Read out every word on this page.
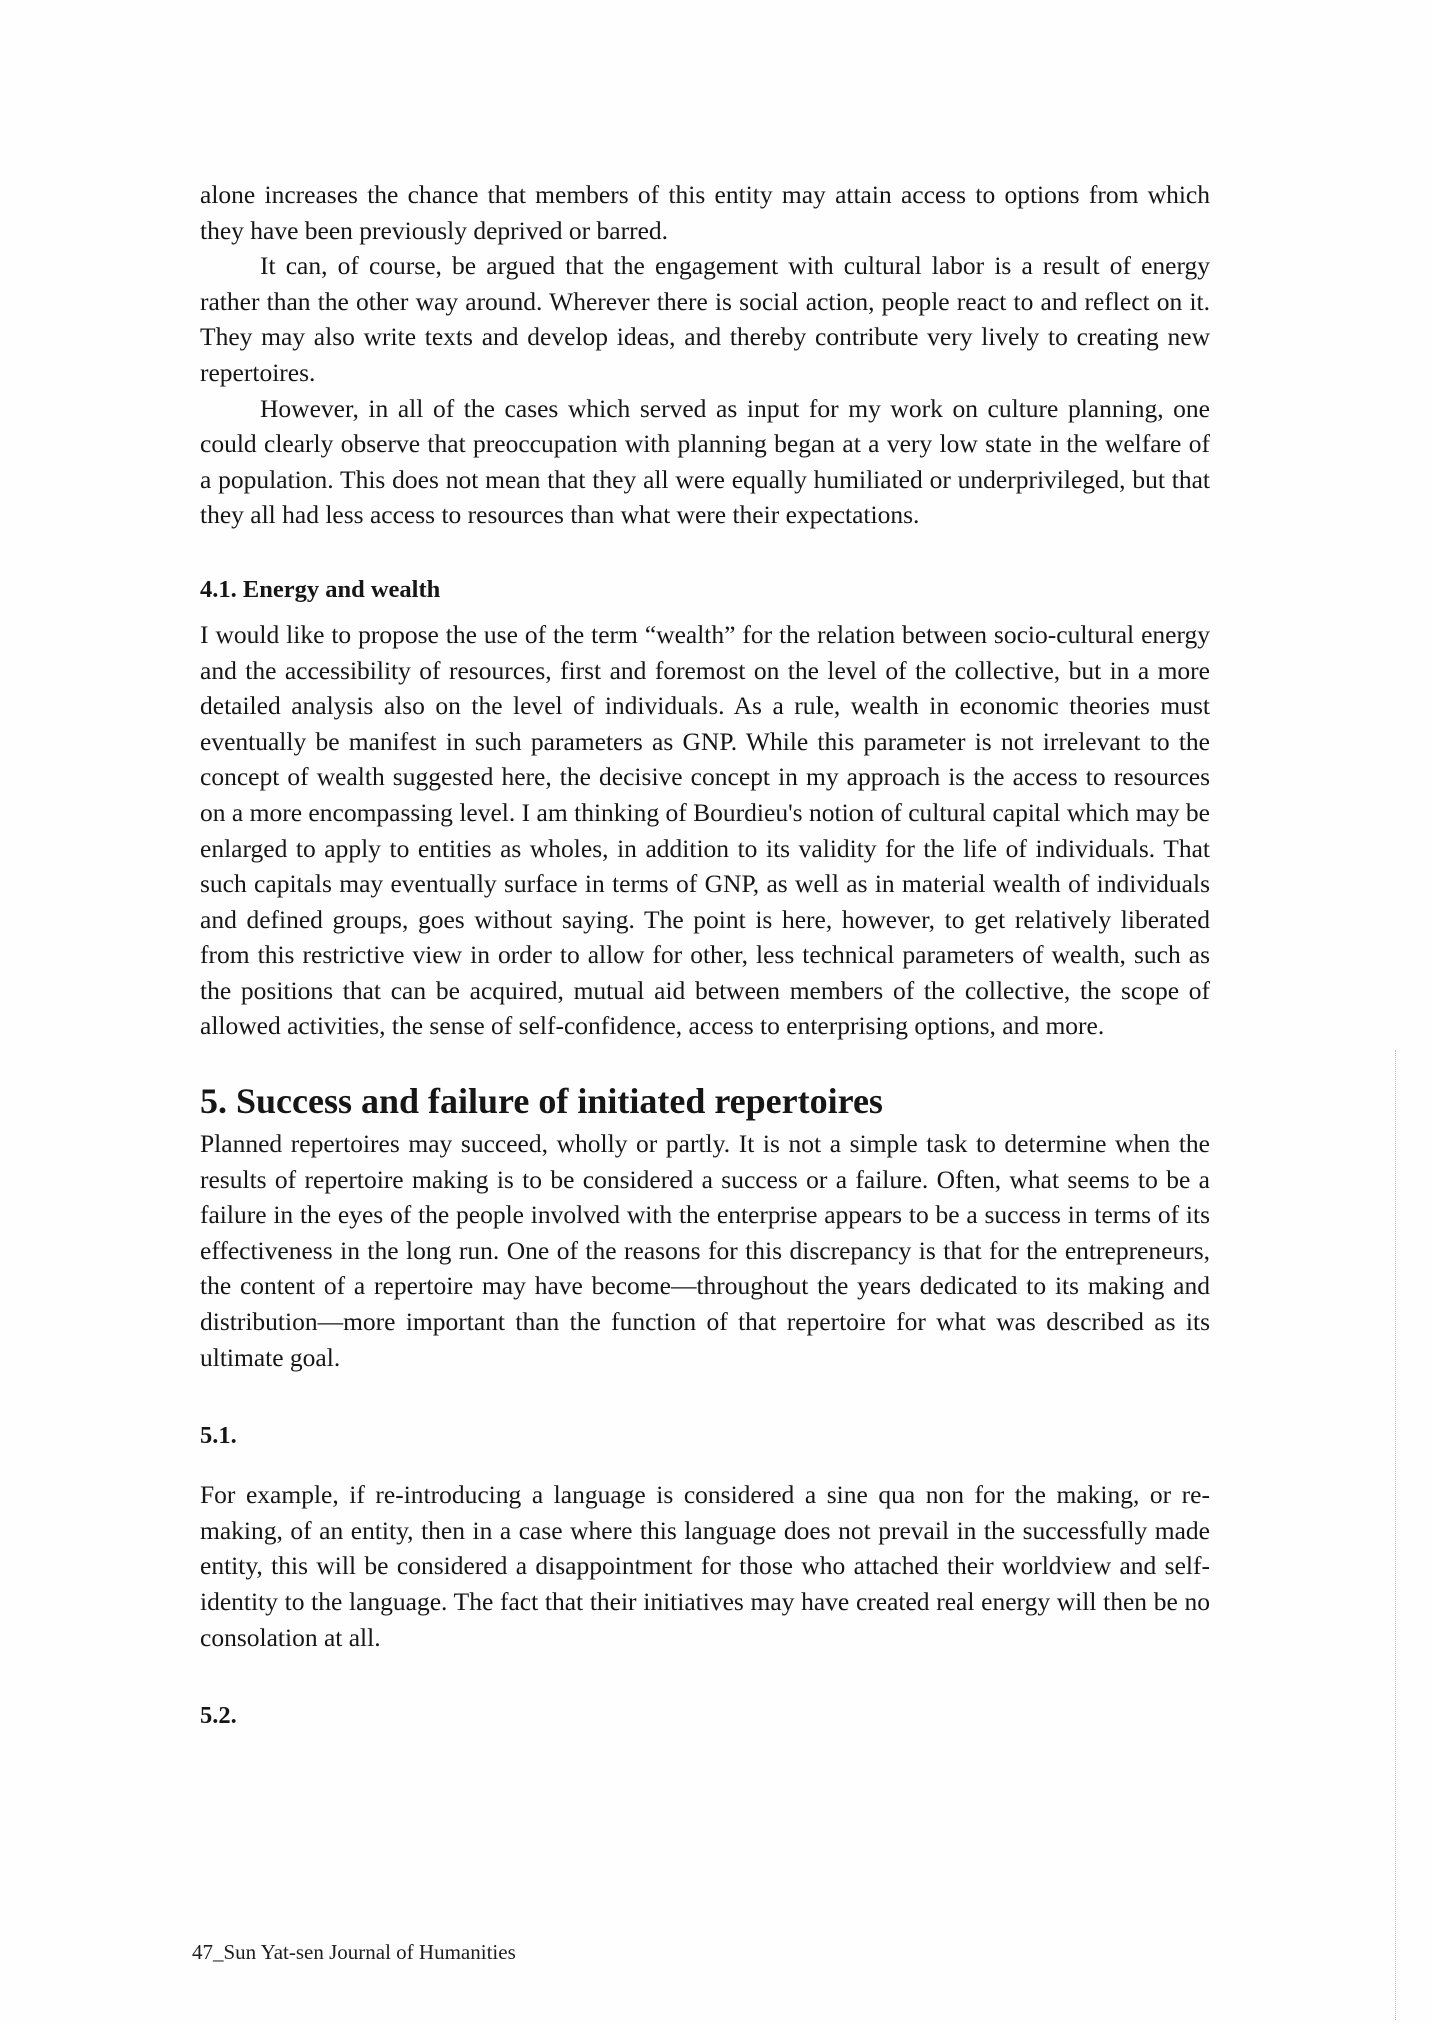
alone increases the chance that members of this entity may attain access to options from which they have been previously deprived or barred.

It can, of course, be argued that the engagement with cultural labor is a result of energy rather than the other way around. Wherever there is social action, people react to and reflect on it. They may also write texts and develop ideas, and thereby contribute very lively to creating new repertoires.

However, in all of the cases which served as input for my work on culture planning, one could clearly observe that preoccupation with planning began at a very low state in the welfare of a population. This does not mean that they all were equally humiliated or underprivileged, but that they all had less access to resources than what were their expectations.

4.1. Energy and wealth

I would like to propose the use of the term “wealth” for the relation between socio-cultural energy and the accessibility of resources, first and foremost on the level of the collective, but in a more detailed analysis also on the level of individuals. As a rule, wealth in economic theories must eventually be manifest in such parameters as GNP. While this parameter is not irrelevant to the concept of wealth suggested here, the decisive concept in my approach is the access to resources on a more encompassing level. I am thinking of Bourdieu's notion of cultural capital which may be enlarged to apply to entities as wholes, in addition to its validity for the life of individuals. That such capitals may eventually surface in terms of GNP, as well as in material wealth of individuals and defined groups, goes without saying. The point is here, however, to get relatively liberated from this restrictive view in order to allow for other, less technical parameters of wealth, such as the positions that can be acquired, mutual aid between members of the collective, the scope of allowed activities, the sense of self-confidence, access to enterprising options, and more.

5. Success and failure of initiated repertoires

Planned repertoires may succeed, wholly or partly. It is not a simple task to determine when the results of repertoire making is to be considered a success or a failure. Often, what seems to be a failure in the eyes of the people involved with the enterprise appears to be a success in terms of its effectiveness in the long run. One of the reasons for this discrepancy is that for the entrepreneurs, the content of a repertoire may have become—throughout the years dedicated to its making and distribution—more important than the function of that repertoire for what was described as its ultimate goal.

5.1.

For example, if re-introducing a language is considered a sine qua non for the making, or re-making, of an entity, then in a case where this language does not prevail in the successfully made entity, this will be considered a disappointment for those who attached their worldview and self-identity to the language. The fact that their initiatives may have created real energy will then be no consolation at all.

5.2.
47_Sun Yat-sen Journal of Humanities
